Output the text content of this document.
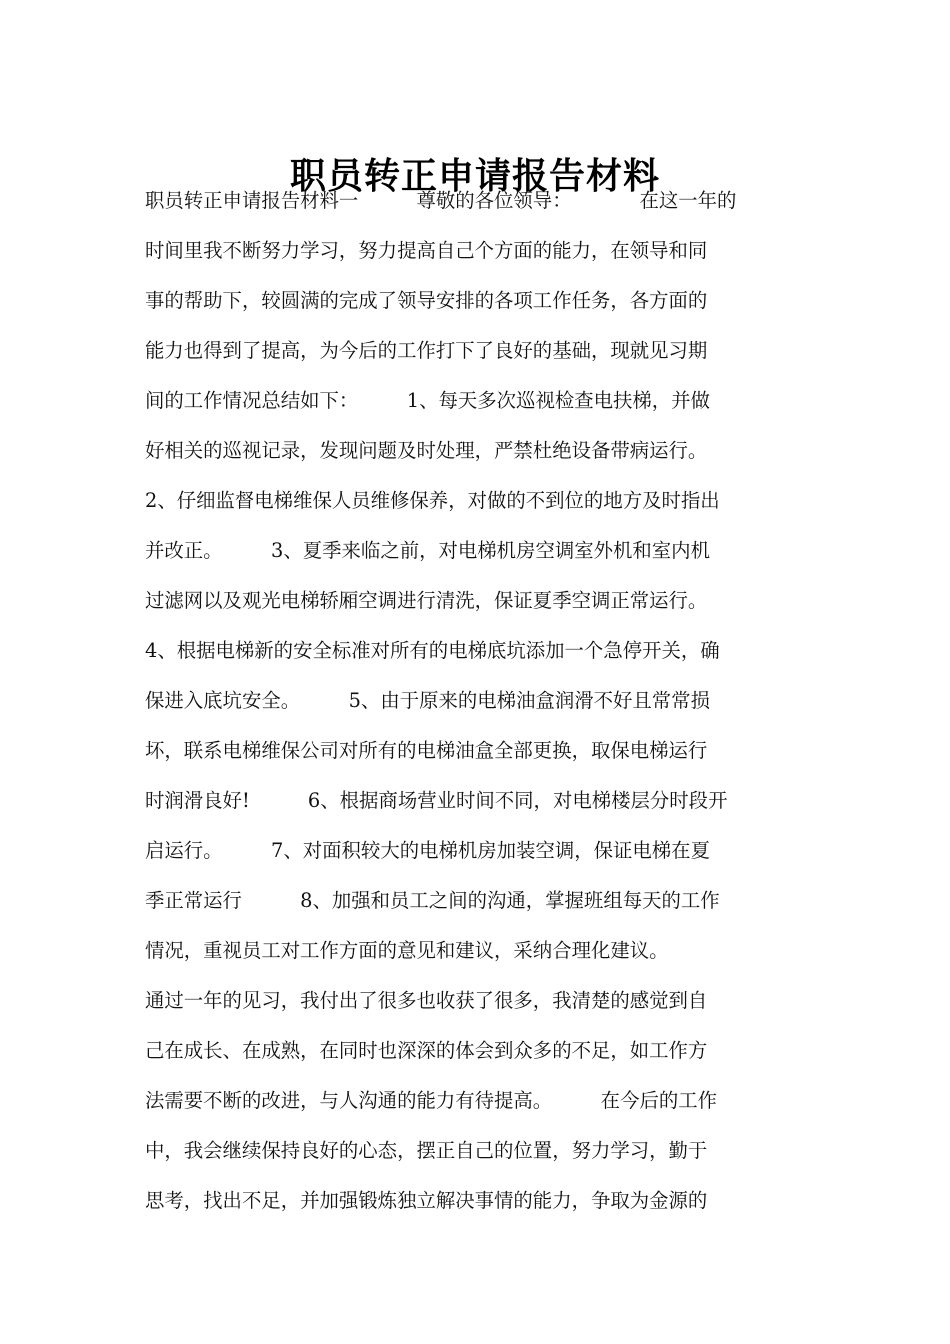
职员转正申请报告材料
职员转正申请报告材料一　　　尊敬的各位领导：　　　　在这一年的
时间里我不断努力学习，努力提高自己个方面的能力，在领导和同
事的帮助下，较圆满的完成了领导安排的各项工作任务，各方面的
能力也得到了提高，为今后的工作打下了良好的基础，现就见习期
间的工作情况总结如下：　　　1、每天多次巡视检查电扶梯，并做
好相关的巡视记录，发现问题及时处理，严禁杜绝设备带病运行。
2、仔细监督电梯维保人员维修保养，对做的不到位的地方及时指出
并改正。　　　3、夏季来临之前，对电梯机房空调室外机和室内机
过滤网以及观光电梯轿厢空调进行清洗，保证夏季空调正常运行。
4、根据电梯新的安全标准对所有的电梯底坑添加一个急停开关，确
保进入底坑安全。　　　5、由于原来的电梯油盒润滑不好且常常损
坏，联系电梯维保公司对所有的电梯油盒全部更换，取保电梯运行
时润滑良好!　　　6、根据商场营业时间不同，对电梯楼层分时段开
启运行。　　　7、对面积较大的电梯机房加装空调，保证电梯在夏
季正常运行　　　8、加强和员工之间的沟通，掌握班组每天的工作
情况，重视员工对工作方面的意见和建议，采纳合理化建议。
通过一年的见习，我付出了很多也收获了很多，我清楚的感觉到自
己在成长、在成熟，在同时也深深的体会到众多的不足，如工作方
法需要不断的改进，与人沟通的能力有待提高。　　　在今后的工作
中，我会继续保持良好的心态，摆正自己的位置，努力学习，勤于
思考，找出不足，并加强锻炼独立解决事情的能力，争取为金源的
